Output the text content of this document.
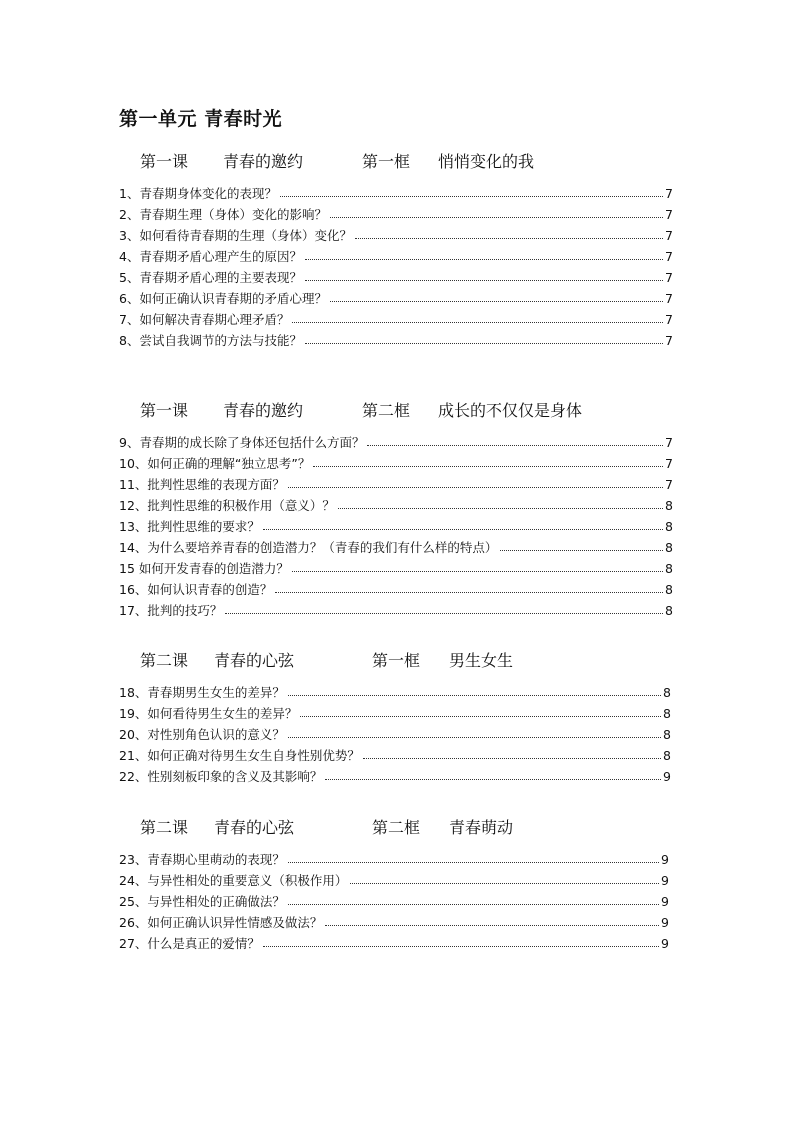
第一单元 青春时光
第一课 青春的邀约	第一框 悄悄变化的我
1、青春期身体变化的表现？	7
2、青春期生理（身体）变化的影响？	7
3、如何看待青春期的生理（身体）变化？	7
4、青春期矛盾心理产生的原因？	7
5、青春期矛盾心理的主要表现？	7
6、如何正确认识青春期的矛盾心理？	7
7、如何解决青春期心理矛盾？	7
8、尝试自我调节的方法与技能？	7
第一课 青春的邀约	第二框 成长的不仅仅是身体
9、青春期的成长除了身体还包括什么方面？	7
10、如何正确的理解“独立思考”？	7
11、批判性思维的表现方面？	7
12、批判性思维的积极作用（意义）？	8
13、批判性思维的要求？	8
14、为什么要培养青春的创造潜力？（青春的我们有什么样的特点）	8
15 如何开发青春的创造潜力？	8
16、如何认识青春的创造？	8
17、批判的技巧？	8
第二课 青春的心弦	第一框 男生女生
18、青春期男生女生的差异？	8
19、如何看待男生女生的差异？	8
20、对性别角色认识的意义？	8
21、如何正确对待男生女生自身性别优势？	8
22、性别刻板印象的含义及其影响？	9
第二课 青春的心弦	第二框 青春萌动
23、青春期心里萌动的表现？	9
24、与异性相处的重要意义（积极作用）	9
25、与异性相处的正确做法？	9
26、如何正确认识异性情感及做法？	9
27、什么是真正的爱情？	9
